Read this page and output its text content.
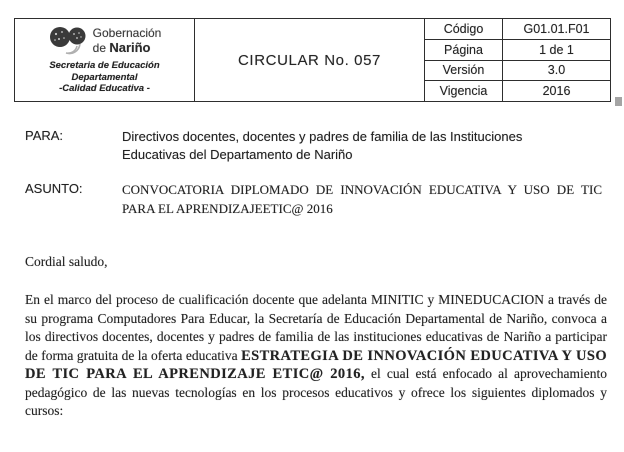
Gobernación
de Nariño
Secretaria de Educación
Departamental
-Calidad Educativa -
CIRCULAR No. 057
Código	G01.01.F01
Página	1 de 1
Versión	3.0
Vigencia	2016
PARA:	Directivos docentes, docentes y padres de familia de las Instituciones Educativas del Departamento de Nariño
ASUNTO:	CONVOCATORIA DIPLOMADO DE INNOVACIÓN EDUCATIVA Y USO DE TIC PARA EL APRENDIZAJEETIC@ 2016
Cordial saludo,
En el marco del proceso de cualificación docente que adelanta MINITIC y MINEDUCACION a través de su programa Computadores Para Educar, la Secretaría de Educación Departamental de Nariño, convoca a los directivos docentes, docentes y padres de familia de las instituciones educativas de Nariño a participar de forma gratuita de la oferta educativa ESTRATEGIA DE INNOVACIÓN EDUCATIVA Y USO DE TIC PARA EL APRENDIZAJE ETIC@ 2016, el cual está enfocado al aprovechamiento pedagógico de las nuevas tecnologías en los procesos educativos y ofrece los siguientes diplomados y cursos:
